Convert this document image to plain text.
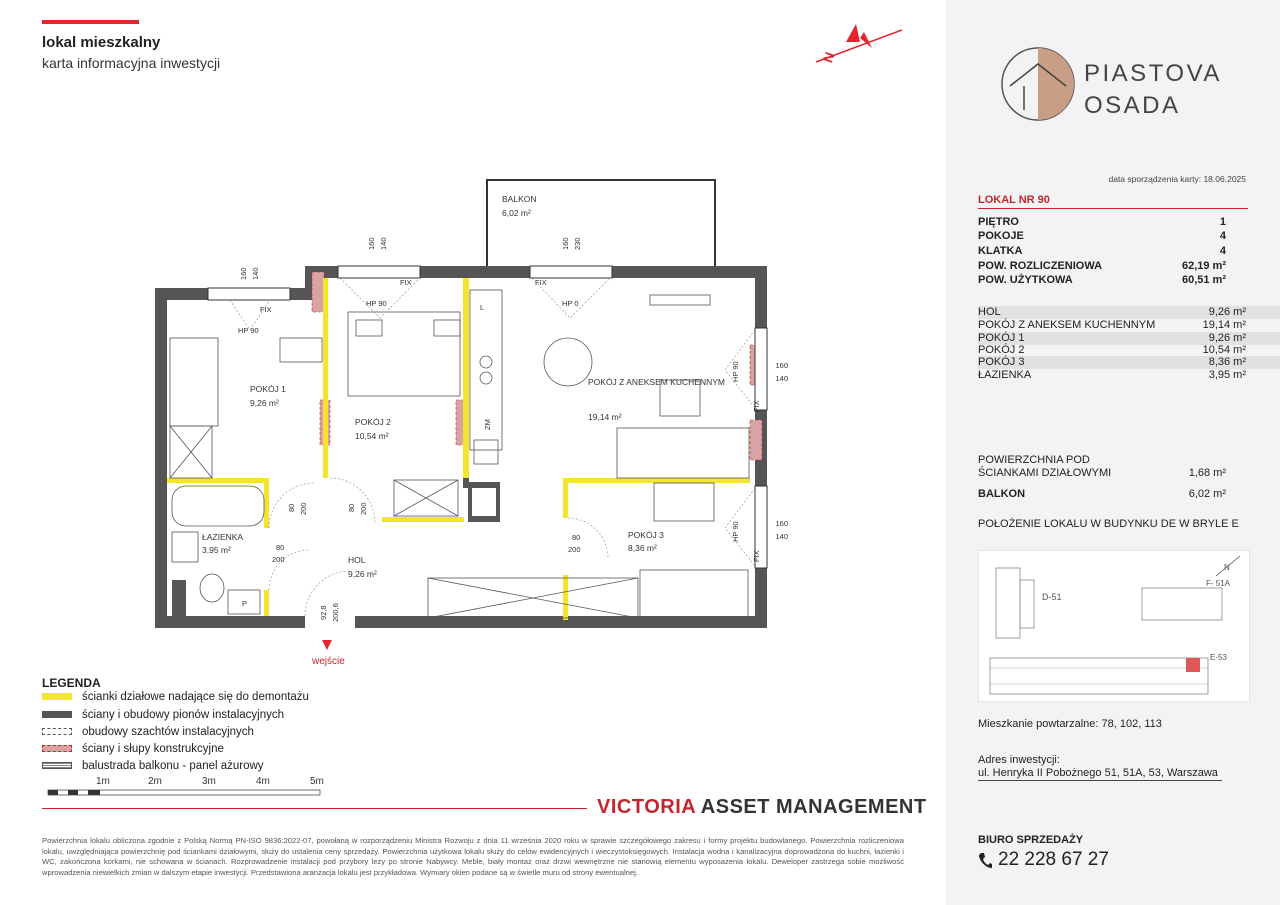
lokal mieszkalny
karta informacyjna inwestycji	N
BALKON
6,02 m²
POKÓJ 1
9,26 m²
POKÓJ 2
10,54 m²
POKÓJ Z ANEKSEM KUCHENNYM
19,14 m²
ŁAZIENKA
3,95 m²
HOL
9,26 m²
POKÓJ 3
8,36 m²
FIX
FIX	FIX
FIX
FIX
HP 90
HP 90	HP 0
HP 90
HP 90
160 140
160 140	160 230
160
140
160
140
80 200	80 200
80
200
80
200
92,8 200,6
L
ZM
P
wejście
LEGENDA
ścianki działowe nadające się do demontażu
ściany i obudowy pionów instalacyjnych
obudowy szachtów instalacyjnych
ściany i słupy konstrukcyjne
balustrada balkonu - panel ażurowy
1m	2m	3m	4m	5m
VICTORIA ASSET MANAGEMENT
Powierzchnia lokalu obliczona zgodnie z Polską Normą PN-ISO 9836:2022-07, powołaną w rozporządzeniu Ministra Rozwoju z dnia 11 września 2020 roku w sprawie szczegółowego zakresu i formy projektu budowlanego. Powierzchnia rozliczeniowa lokalu, uwzględniająca powierzchnię pod ściankami działowymi, służy do ustalenia ceny sprzedaży. Powierzchnia użytkowa lokalu służy do celów ewidencyjnych i wieczystoksięgowych. Instalacja wodna i kanalizacyjna doprowadzona do kuchni, łazienki i WC, zakończona korkami, nie schowana w ścianach. Rozprowadzenie instalacji pod przybory leży po stronie Nabywcy. Meble, biały montaż oraz drzwi wewnętrzne nie stanowią elementu wyposażenia lokalu. Deweloper zastrzega sobie możliwość wprowadzenia niewielkich zmian w dalszym etapie inwestycji. Przedstawiona aranżacja lokalu jest przykładowa. Wymiary okien podane są w świetle muru od strony ewentualnej.
PIASTOVA
OSADA
data sporządzenia karty: 18.06.2025
LOKAL NR 90
PIĘTRO	1
POKOJE	4
KLATKA	4
POW. ROZLICZENIOWA	62,19 m²
POW. UŻYTKOWA	60,51 m²
HOL	9,26 m²
POKÓJ Z ANEKSEM KUCHENNYM	19,14 m²
POKÓJ 1	9,26 m²
POKÓJ 2	10,54 m²
POKÓJ 3	8,36 m²
ŁAZIENKA	3,95 m²
POWIERZCHNIA POD
ŚCIANKAMI DZIAŁOWYMI	1,68 m²
BALKON	6,02 m²
POŁOŻENIE LOKALU W BUDYNKU DE W BRYLE E
D-51
F- 51A
N
E-53
Mieszkanie powtarzalne: 78, 102, 113
Adres inwestycji:
ul. Henryka II Pobożnego 51, 51A, 53, Warszawa
BIURO SPRZEDAŻY
22 228 67 27
